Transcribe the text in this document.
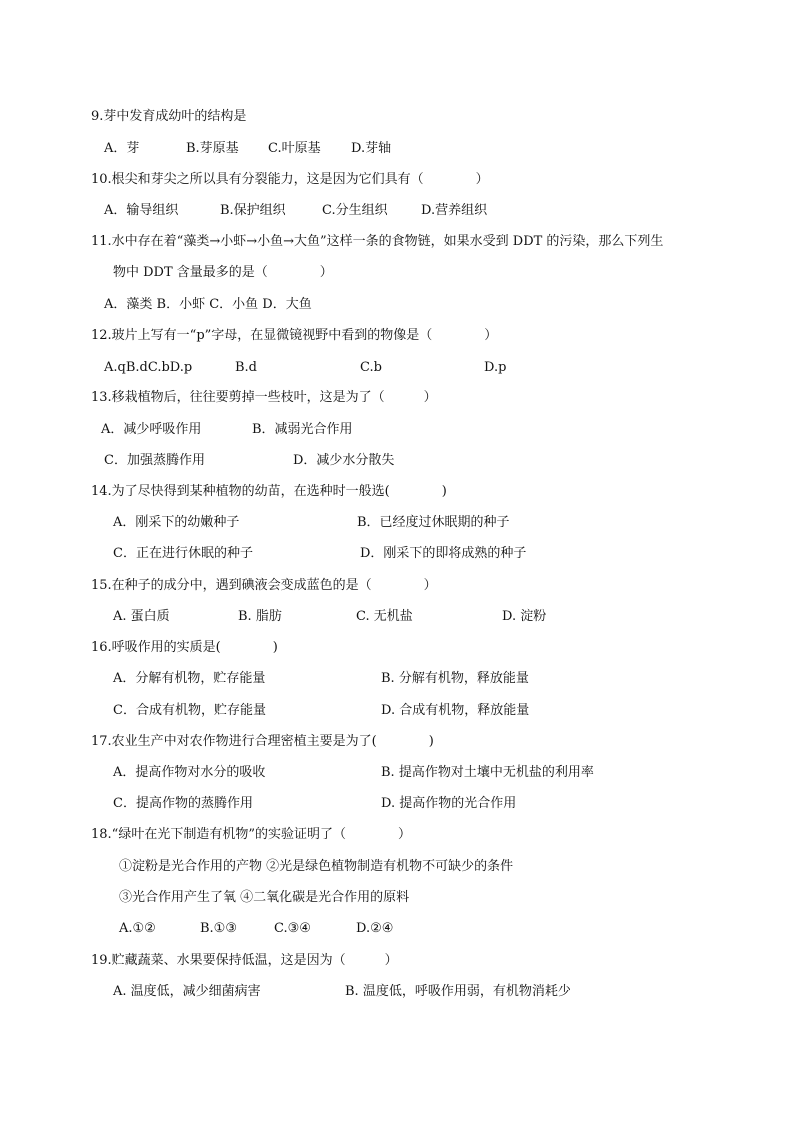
9.芽中发育成幼叶的结构是
A．芽	B.芽原基 C.叶原基 D.芽轴
10.根尖和芽尖之所以具有分裂能力，这是因为它们具有（　　　　）
A．输导组织	B.保护组织	C.分生组织	D.营养组织
11.水中存在着“藻类→小虾→小鱼→大鱼”这样一条的食物链，如果水受到 DDT 的污染，那么下列生
物中 DDT 含量最多的是（　　　　）
A．藻类 B．小虾 C．小鱼 D．大鱼
12.玻片上写有一“p”字母，在显微镜视野中看到的物像是（　　　　）
A.qB.dC.bD.p	B.d	C.b	D.p
13.移栽植物后，往往要剪掉一些枝叶，这是为了（　　　）
A．减少呼吸作用	B．减弱光合作用
C．加强蒸腾作用	D．减少水分散失
14.为了尽快得到某种植物的幼苗，在选种时一般选(　　　　)
A．刚采下的幼嫩种子	B．已经度过休眠期的种子
C．正在进行休眠的种子	D．刚采下的即将成熟的种子
15.在种子的成分中，遇到碘液会变成蓝色的是（　　　　）
A. 蛋白质	B. 脂肪	C. 无机盐	D. 淀粉
16.呼吸作用的实质是(　　　　)
A．分解有机物，贮存能量	B. 分解有机物，释放能量
C．合成有机物，贮存能量	D. 合成有机物，释放能量
17.农业生产中对农作物进行合理密植主要是为了(　　　　)
A．提高作物对水分的吸收	B. 提高作物对土壤中无机盐的利用率
C．提高作物的蒸腾作用	D. 提高作物的光合作用
18.“绿叶在光下制造有机物”的实验证明了（　　　　）
①淀粉是光合作用的产物 ②光是绿色植物制造有机物不可缺少的条件
③光合作用产生了氧 ④二氧化碳是光合作用的原料
A.①②	B.①③	C.③④	D.②④
19.贮藏蔬菜、水果要保持低温，这是因为（　　　）
A. 温度低，减少细菌病害	B. 温度低，呼吸作用弱，有机物消耗少
